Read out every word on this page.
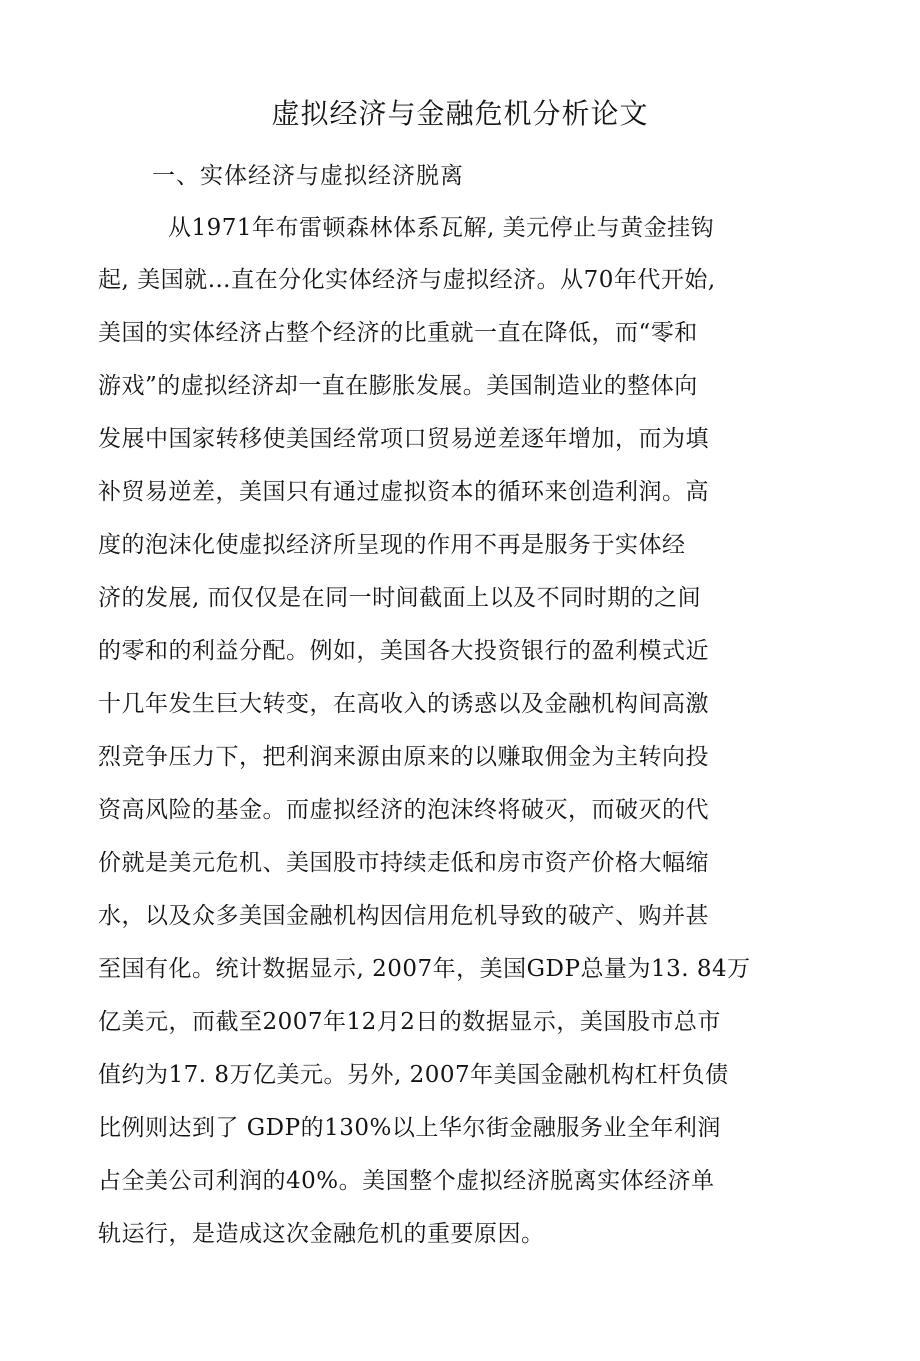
虚拟经济与金融危机分析论文
一、实体经济与虚拟经济脱离
从1971年布雷顿森林体系瓦解, 美元停止与黄金挂钩
起, 美国就…直在分化实体经济与虚拟经济。从70年代开始,
美国的实体经济占整个经济的比重就一直在降低，而“零和
游戏”的虚拟经济却一直在膨胀发展。美国制造业的整体向
发展中国家转移使美国经常项口贸易逆差逐年增加，而为填
补贸易逆差，美国只有通过虚拟资本的循环来创造利润。高
度的泡沫化使虚拟经济所呈现的作用不再是服务于实体经
济的发展, 而仅仅是在同一时间截面上以及不同时期的之间
的零和的利益分配。例如，美国各大投资银行的盈利模式近
十几年发生巨大转变，在高收入的诱惑以及金融机构间高激
烈竞争压力下，把利润来源由原来的以赚取佣金为主转向投
资高风险的基金。而虚拟经济的泡沫终将破灭，而破灭的代
价就是美元危机、美国股市持续走低和房市资产价格大幅缩
水，以及众多美国金融机构因信用危机导致的破产、购并甚
至国有化。统计数据显示, 2007年，美国GDP总量为13. 84万
亿美元，而截至2007年12月2日的数据显示，美国股市总市
值约为17. 8万亿美元。另外, 2007年美国金融机构杠杆负债
比例则达到了 GDP的130%以上华尔街金融服务业全年利润
占全美公司利润的40%。美国整个虚拟经济脱离实体经济单
轨运行，是造成这次金融危机的重要原因。
